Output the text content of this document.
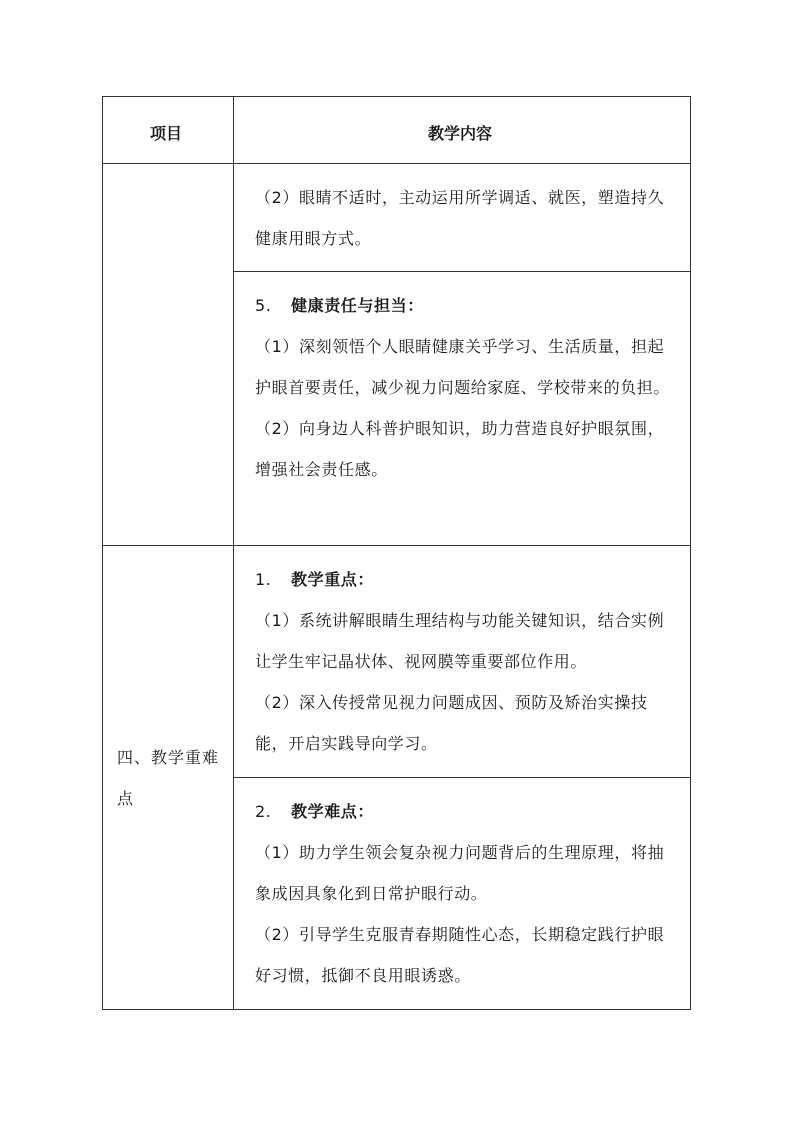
项目	教学内容

（2）眼睛不适时，主动运用所学调适、就医，塑造持久健康用眼方式。

5. 健康责任与担当：

（1）深刻领悟个人眼睛健康关乎学习、生活质量，担起护眼首要责任，减少视力问题给家庭、学校带来的负担。

（2）向身边人科普护眼知识，助力营造良好护眼氛围，增强社会责任感。

四、教学重难点

1. 教学重点：

（1）系统讲解眼睛生理结构与功能关键知识，结合实例让学生牢记晶状体、视网膜等重要部位作用。

（2）深入传授常见视力问题成因、预防及矫治实操技能，开启实践导向学习。

2. 教学难点：

（1）助力学生领会复杂视力问题背后的生理原理，将抽象成因具象化到日常护眼行动。

（2）引导学生克服青春期随性心态，长期稳定践行护眼好习惯，抵御不良用眼诱惑。
